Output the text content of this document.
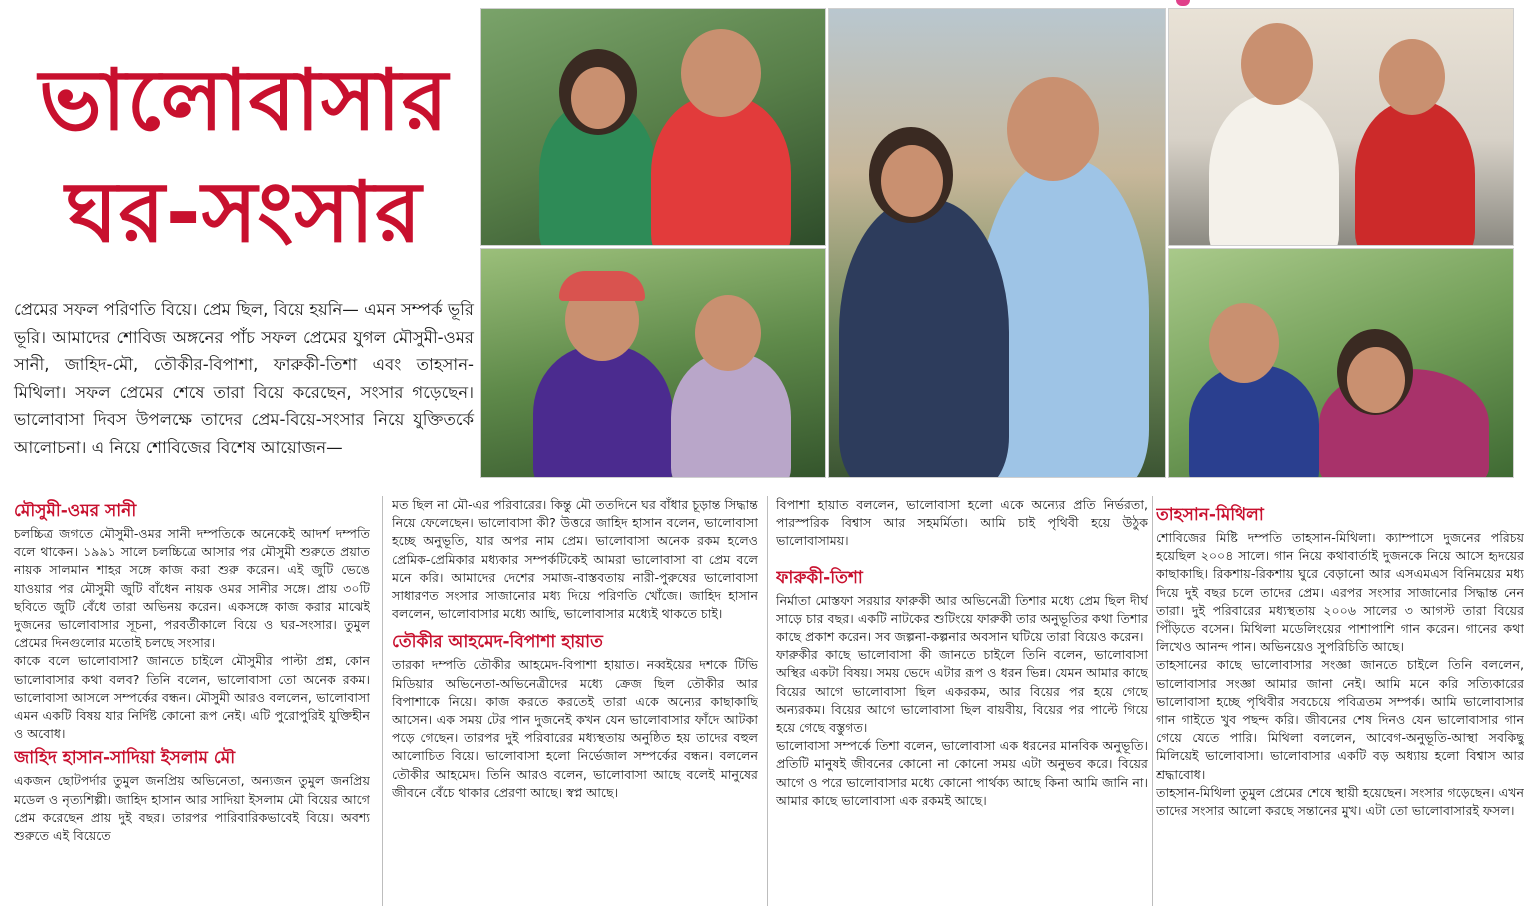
ভালোবাসার
ঘর-সংসার
প্রেমের সফল পরিণতি বিয়ে। প্রেম ছিল, বিয়ে হয়নি— এমন সম্পর্ক ভূরি ভূরি। আমাদের শোবিজ অঙ্গনের পাঁচ সফল প্রেমের যুগল মৌসুমী-ওমর সানী, জাহিদ-মৌ, তৌকীর-বিপাশা, ফারুকী-তিশা এবং তাহসান-মিথিলা। সফল প্রেমের শেষে তারা বিয়ে করেছেন, সংসার গড়েছেন। ভালোবাসা দিবস উপলক্ষে তাদের প্রেম-বিয়ে-সংসার নিয়ে যুক্তিতর্কে আলোচনা। এ নিয়ে শোবিজের বিশেষ আয়োজন—
মৌসুমী-ওমর সানী

চলচ্চিত্র জগতে মৌসুমী-ওমর সানী দম্পতিকে অনেকেই আদর্শ দম্পতি বলে থাকেন। ১৯৯১ সালে চলচ্চিত্রে আসার পর মৌসুমী শুরুতে প্রয়াত নায়ক সালমান শাহর সঙ্গে কাজ করা শুরু করেন। এই জুটি ভেঙে যাওয়ার পর মৌসুমী জুটি বাঁধেন নায়ক ওমর সানীর সঙ্গে। প্রায় ৩০টি ছবিতে জুটি বেঁধে তারা অভিনয় করেন। একসঙ্গে কাজ করার মাঝেই দুজনের ভালোবাসার সূচনা, পরবর্তীকালে বিয়ে ও ঘর-সংসার। তুমুল প্রেমের দিনগুলোর মতোই চলছে সংসার।

কাকে বলে ভালোবাসা? জানতে চাইলে মৌসুমীর পাল্টা প্রশ্ন, কোন ভালোবাসার কথা বলব? তিনি বলেন, ভালোবাসা তো অনেক রকম। ভালোবাসা আসলে সম্পর্কের বন্ধন। মৌসুমী আরও বললেন, ভালোবাসা এমন একটি বিষয় যার নির্দিষ্ট কোনো রূপ নেই। এটি পুরোপুরিই যুক্তিহীন ও অবোধ।

জাহিদ হাসান-সাদিয়া ইসলাম মৌ

একজন ছোটপর্দার তুমুল জনপ্রিয় অভিনেতা, অন্যজন তুমুল জনপ্রিয় মডেল ও নৃত্যশিল্পী। জাহিদ হাসান আর সাদিয়া ইসলাম মৌ বিয়ের আগে প্রেম করেছেন প্রায় দুই বছর। তারপর পারিবারিকভাবেই বিয়ে। অবশ্য শুরুতে এই বিয়েতে

মত ছিল না মৌ-এর পরিবারের। কিন্তু মৌ ততদিনে ঘর বাঁধার চূড়ান্ত সিদ্ধান্ত নিয়ে ফেলেছেন। ভালোবাসা কী? উত্তরে জাহিদ হাসান বলেন, ভালোবাসা হচ্ছে অনুভূতি, যার অপর নাম প্রেম। ভালোবাসা অনেক রকম হলেও প্রেমিক-প্রেমিকার মধ্যকার সম্পর্কটিকেই আমরা ভালোবাসা বা প্রেম বলে মনে করি। আমাদের দেশের সমাজ-বাস্তবতায় নারী-পুরুষের ভালোবাসা সাধারণত সংসার সাজানোর মধ্য দিয়ে পরিণতি খোঁজে। জাহিদ হাসান বললেন, ভালোবাসার মধ্যে আছি, ভালোবাসার মধ্যেই থাকতে চাই।

তৌকীর আহমেদ-বিপাশা হায়াত

তারকা দম্পতি তৌকীর আহমেদ-বিপাশা হায়াত। নব্বইয়ের দশকে টিভি মিডিয়ার অভিনেতা-অভিনেত্রীদের মধ্যে ক্রেজ ছিল তৌকীর আর বিপাশাকে নিয়ে। কাজ করতে করতেই তারা একে অন্যের কাছাকাছি আসেন। এক সময় টের পান দুজনেই কখন যেন ভালোবাসার ফাঁদে আটকা পড়ে গেছেন। তারপর দুই পরিবারের মধ্যস্থতায় অনুষ্ঠিত হয় তাদের বহুল আলোচিত বিয়ে। ভালোবাসা হলো নির্ভেজাল সম্পর্কের বন্ধন। বললেন তৌকীর আহমেদ। তিনি আরও বলেন, ভালোবাসা আছে বলেই মানুষের জীবনে বেঁচে থাকার প্রেরণা আছে। স্বপ্ন আছে।

বিপাশা হায়াত বললেন, ভালোবাসা হলো একে অন্যের প্রতি নির্ভরতা, পারস্পরিক বিশ্বাস আর সহমর্মিতা। আমি চাই পৃথিবী হয়ে উঠুক ভালোবাসাময়।

ফারুকী-তিশা

নির্মাতা মোস্তফা সরয়ার ফারুকী আর অভিনেত্রী তিশার মধ্যে প্রেম ছিল দীর্ঘ সাড়ে চার বছর। একটি নাটকের শুটিংয়ে ফারুকী তার অনুভূতির কথা তিশার কাছে প্রকাশ করেন। সব জল্পনা-কল্পনার অবসান ঘটিয়ে তারা বিয়েও করেন।

ফারুকীর কাছে ভালোবাসা কী জানতে চাইলে তিনি বলেন, ভালোবাসা অস্থির একটা বিষয়। সময় ভেদে এটার রূপ ও ধরন ভিন্ন। যেমন আমার কাছে বিয়ের আগে ভালোবাসা ছিল একরকম, আর বিয়ের পর হয়ে গেছে অন্যরকম। বিয়ের আগে ভালোবাসা ছিল বায়বীয়, বিয়ের পর পাল্টে গিয়ে হয়ে গেছে বস্তুগত।

ভালোবাসা সম্পর্কে তিশা বলেন, ভালোবাসা এক ধরনের মানবিক অনুভূতি। প্রতিটি মানুষই জীবনের কোনো না কোনো সময় এটা অনুভব করে। বিয়ের আগে ও পরে ভালোবাসার মধ্যে কোনো পার্থক্য আছে কিনা আমি জানি না। আমার কাছে ভালোবাসা এক রকমই আছে।

তাহসান-মিথিলা

শোবিজের মিষ্টি দম্পতি তাহসান-মিথিলা। ক্যাম্পাসে দুজনের পরিচয় হয়েছিল ২০০৪ সালে। গান নিয়ে কথাবার্তাই দুজনকে নিয়ে আসে হৃদয়ের কাছাকাছি। রিকশায়-রিকশায় ঘুরে বেড়ানো আর এসএমএস বিনিময়ের মধ্য দিয়ে দুই বছর চলে তাদের প্রেম। এরপর সংসার সাজানোর সিদ্ধান্ত নেন তারা। দুই পরিবারের মধ্যস্থতায় ২০০৬ সালের ৩ আগস্ট তারা বিয়ের পিঁড়িতে বসেন। মিথিলা মডেলিংয়ের পাশাপাশি গান করেন। গানের কথা লিখেও আনন্দ পান। অভিনয়েও সুপরিচিতি আছে।

তাহসানের কাছে ভালোবাসার সংজ্ঞা জানতে চাইলে তিনি বললেন, ভালোবাসার সংজ্ঞা আমার জানা নেই। আমি মনে করি সত্যিকারের ভালোবাসা হচ্ছে পৃথিবীর সবচেয়ে পবিত্রতম সম্পর্ক। আমি ভালোবাসার গান গাইতে খুব পছন্দ করি। জীবনের শেষ দিনও যেন ভালোবাসার গান গেয়ে যেতে পারি। মিথিলা বললেন, আবেগ-অনুভূতি-আস্থা সবকিছু মিলিয়েই ভালোবাসা। ভালোবাসার একটি বড় অধ্যায় হলো বিশ্বাস আর শ্রদ্ধাবোধ।

তাহসান-মিথিলা তুমুল প্রেমের শেষে স্থায়ী হয়েছেন। সংসার গড়েছেন। এখন তাদের সংসার আলো করছে সন্তানের মুখ। এটা তো ভালোবাসারই ফসল।
